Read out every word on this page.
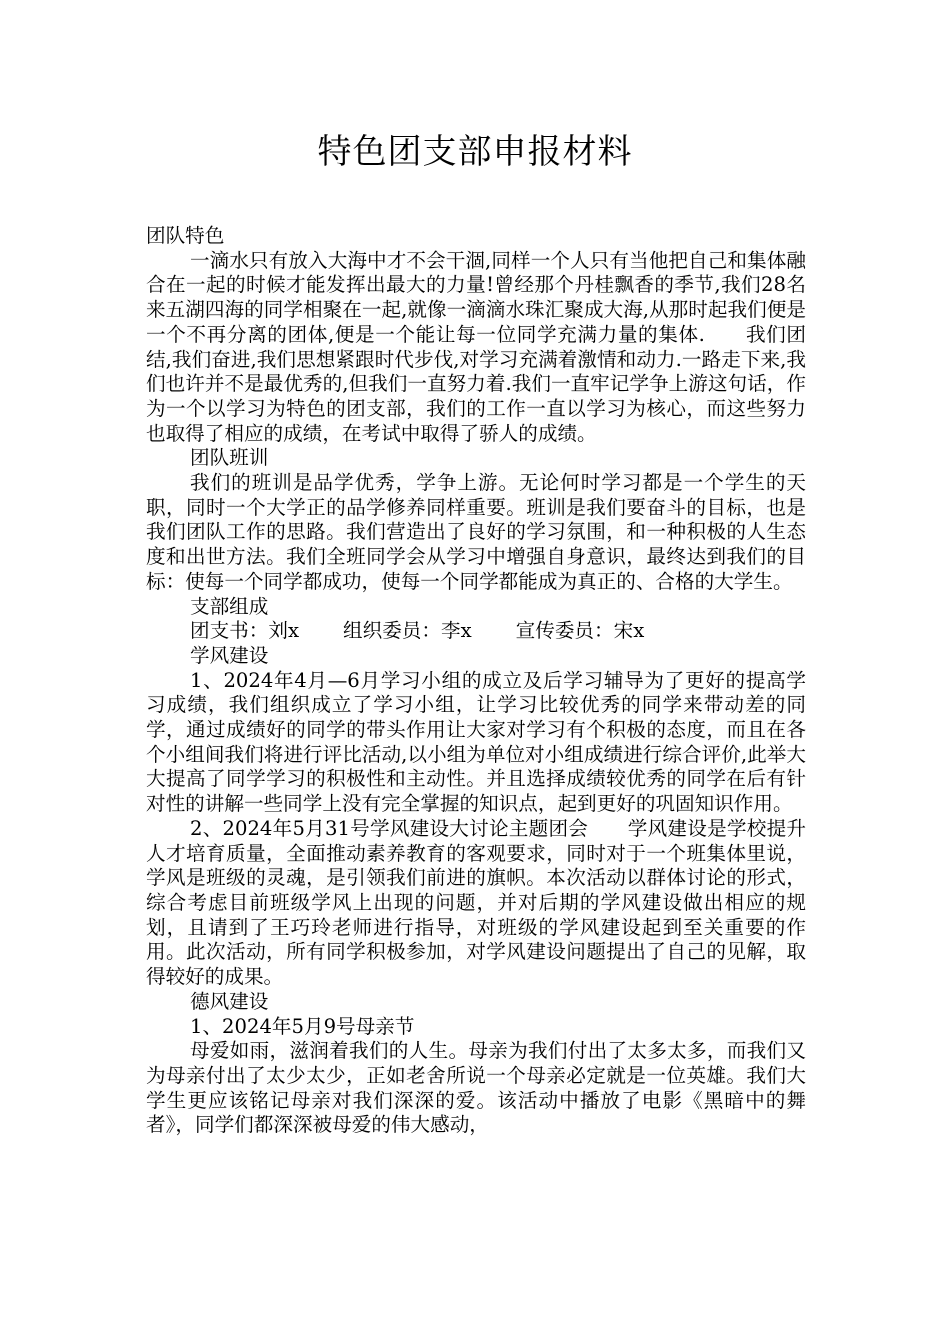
特色团支部申报材料

团队特色

一滴水只有放入大海中才不会干涸,同样一个人只有当他把自己和集体融合在一起的时候才能发挥出最大的力量!曾经那个丹桂飘香的季节,我们28名来五湖四海的同学相聚在一起,就像一滴滴水珠汇聚成大海,从那时起我们便是一个不再分离的团体,便是一个能让每一位同学充满力量的集体.　　我们团结,我们奋进,我们思想紧跟时代步伐,对学习充满着激情和动力.一路走下来,我们也许并不是最优秀的,但我们一直努力着.我们一直牢记学争上游这句话，作为一个以学习为特色的团支部，我们的工作一直以学习为核心，而这些努力也取得了相应的成绩，在考试中取得了骄人的成绩。

团队班训

我们的班训是品学优秀，学争上游。无论何时学习都是一个学生的天职，同时一个大学正的品学修养同样重要。班训是我们要奋斗的目标，也是我们团队工作的思路。我们营造出了良好的学习氛围，和一种积极的人生态度和出世方法。我们全班同学会从学习中增强自身意识，最终达到我们的目标：使每一个同学都成功，使每一个同学都能成为真正的、合格的大学生。

支部组成

团支书：刘x 组织委员：李x 宣传委员：宋x

学风建设

1、2024年4月—6月学习小组的成立及后学习辅导为了更好的提高学习成绩，我们组织成立了学习小组，让学习比较优秀的同学来带动差的同学，通过成绩好的同学的带头作用让大家对学习有个积极的态度，而且在各个小组间我们将进行评比活动,以小组为单位对小组成绩进行综合评价,此举大大提高了同学学习的积极性和主动性。并且选择成绩较优秀的同学在后有针对性的讲解一些同学上没有完全掌握的知识点，起到更好的巩固知识作用。

2、2024年5月31号学风建设大讨论主题团会　　学风建设是学校提升人才培育质量，全面推动素养教育的客观要求，同时对于一个班集体里说，学风是班级的灵魂，是引领我们前进的旗帜。本次活动以群体讨论的形式，综合考虑目前班级学风上出现的问题，并对后期的学风建设做出相应的规划，且请到了王巧玲老师进行指导，对班级的学风建设起到至关重要的作用。此次活动，所有同学积极参加，对学风建设问题提出了自己的见解，取得较好的成果。

德风建设

1、2024年5月9号母亲节

母爱如雨，滋润着我们的人生。母亲为我们付出了太多太多，而我们又为母亲付出了太少太少，正如老舍所说一个母亲必定就是一位英雄。我们大学生更应该铭记母亲对我们深深的爱。该活动中播放了电影《黑暗中的舞者》，同学们都深深被母爱的伟大感动，
